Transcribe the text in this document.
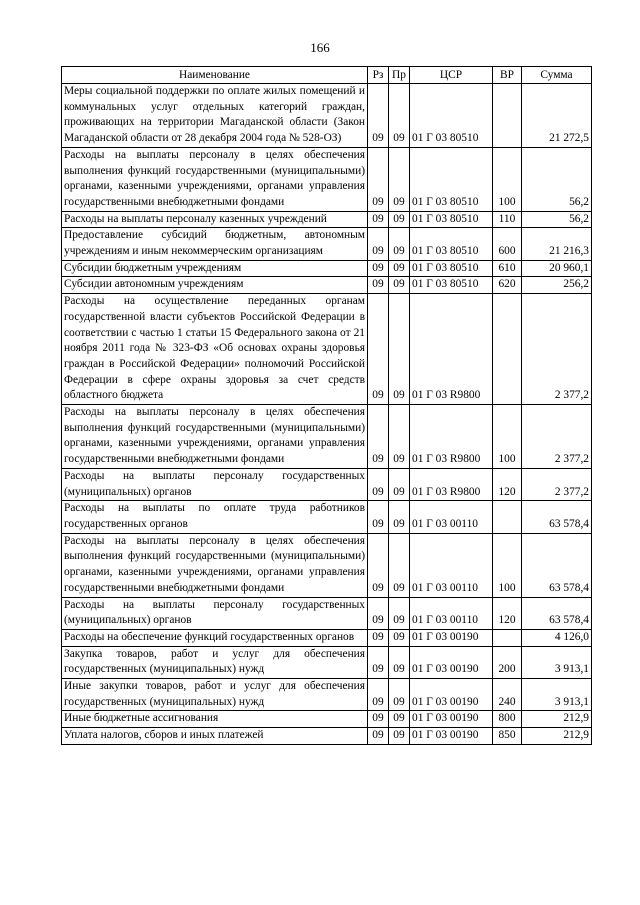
166
Наименование	Рз	Пр	ЦСР	ВР	Сумма
Меры социальной поддержки по оплате жилых помещений и коммунальных услуг отдельных категорий граждан, проживающих на территории Магаданской области (Закон Магаданской области от 28 декабря 2004 года № 528-ОЗ)	09	09	01 Г 03 80510		21 272,5
Расходы на выплаты персоналу в целях обеспечения выполнения функций государственными (муниципальными) органами, казенными учреждениями, органами управления государственными внебюджетными фондами	09	09	01 Г 03 80510	100	56,2
Расходы на выплаты персоналу казенных учреждений	09	09	01 Г 03 80510	110	56,2
Предоставление субсидий бюджетным, автономным учреждениям и иным некоммерческим организациям	09	09	01 Г 03 80510	600	21 216,3
Субсидии бюджетным учреждениям	09	09	01 Г 03 80510	610	20 960,1
Субсидии автономным учреждениям	09	09	01 Г 03 80510	620	256,2
Расходы на осуществление переданных органам государственной власти субъектов Российской Федерации в соответствии с частью 1 статьи 15 Федерального закона от 21 ноября 2011 года № 323-ФЗ «Об основах охраны здоровья граждан в Российской Федерации» полномочий Российской Федерации в сфере охраны здоровья за счет средств областного бюджета	09	09	01 Г 03 R9800		2 377,2
Расходы на выплаты персоналу в целях обеспечения выполнения функций государственными (муниципальными) органами, казенными учреждениями, органами управления государственными внебюджетными фондами	09	09	01 Г 03 R9800	100	2 377,2
Расходы на выплаты персоналу государственных (муниципальных) органов	09	09	01 Г 03 R9800	120	2 377,2
Расходы на выплаты по оплате труда работников государственных органов	09	09	01 Г 03 00110		63 578,4
Расходы на выплаты персоналу в целях обеспечения выполнения функций государственными (муниципальными) органами, казенными учреждениями, органами управления государственными внебюджетными фондами	09	09	01 Г 03 00110	100	63 578,4
Расходы на выплаты персоналу государственных (муниципальных) органов	09	09	01 Г 03 00110	120	63 578,4
Расходы на обеспечение функций государственных органов	09	09	01 Г 03 00190		4 126,0
Закупка товаров, работ и услуг для обеспечения государственных (муниципальных) нужд	09	09	01 Г 03 00190	200	3 913,1
Иные закупки товаров, работ и услуг для обеспечения государственных (муниципальных) нужд	09	09	01 Г 03 00190	240	3 913,1
Иные бюджетные ассигнования	09	09	01 Г 03 00190	800	212,9
Уплата налогов, сборов и иных платежей	09	09	01 Г 03 00190	850	212,9
